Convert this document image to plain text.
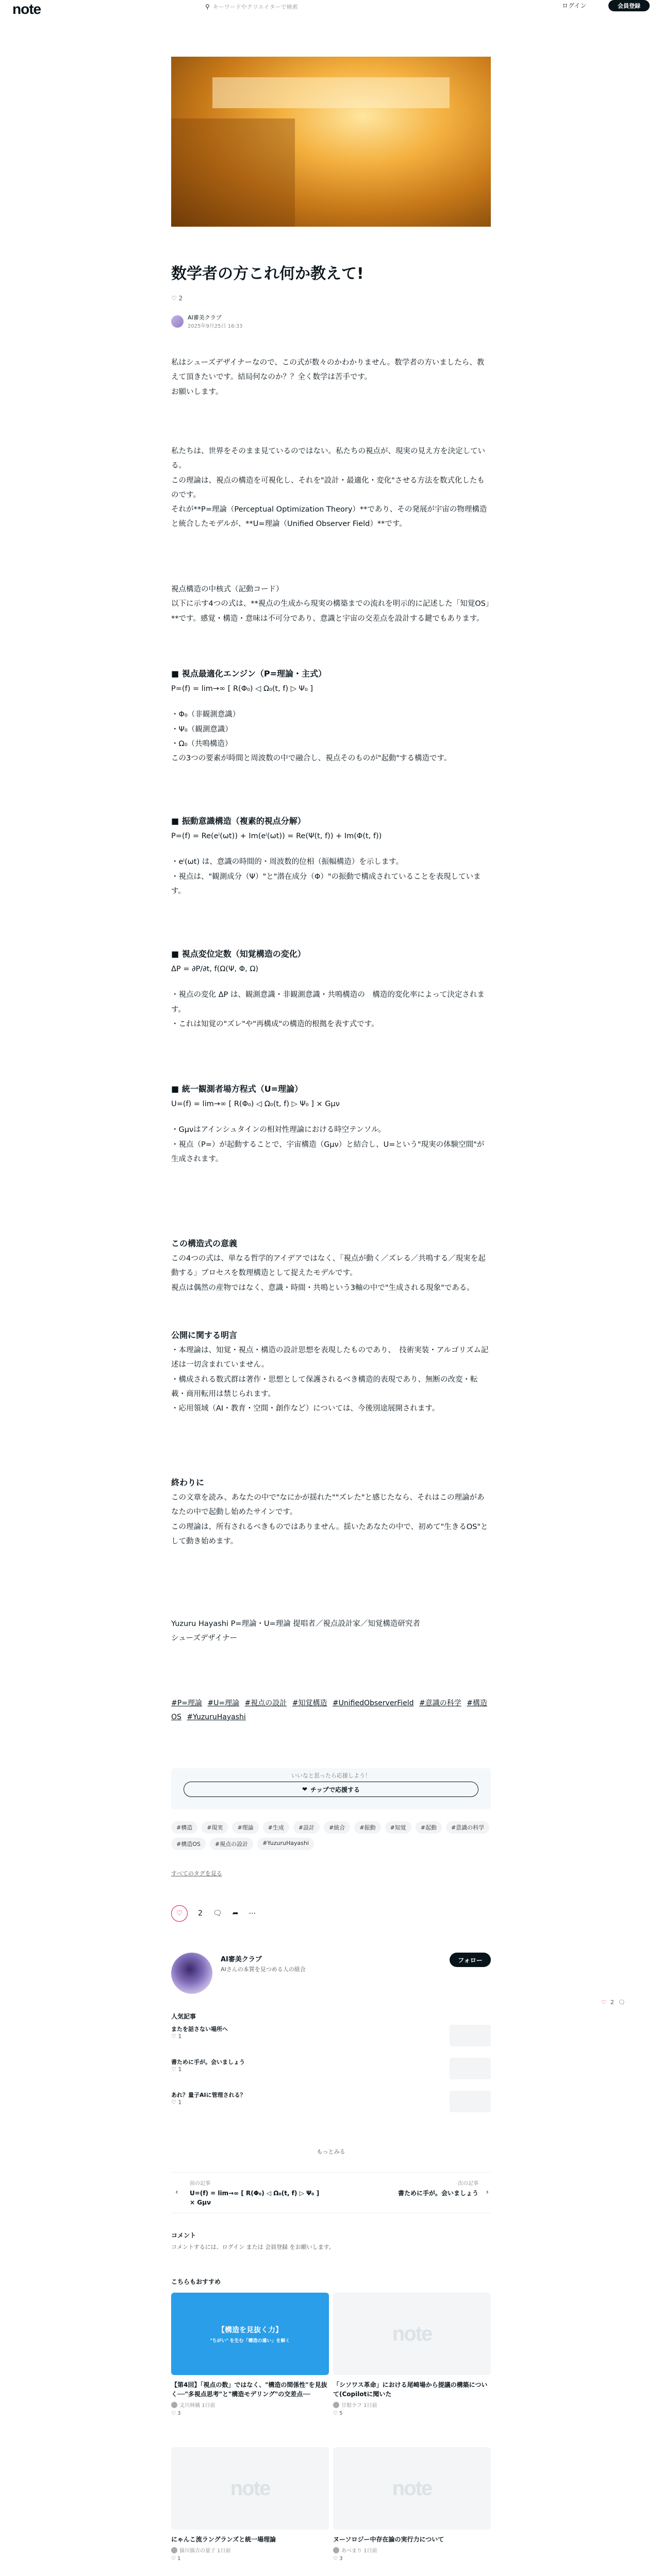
note	⚲ キーワードやクリエイターで検索	ログイン	会員登録
数学者の方これ何か教えて!
♡ 2
AI審美クラブ
2025年9月25日 16:33

私はシューズデザイナーなので、この式が数々のかわかりません。数学者の方いましたら、教えて頂きたいです。結局何なのか？？全く数学は苦手です。
お願いします。

私たちは、世界をそのまま見ているのではない。私たちの視点が、現実の見え方を決定している。
この理論は、視点の構造を可視化し、それを"設計・最適化・変化"させる方法を数式化したものです。
それが**P=理論（Perceptual Optimization Theory）**であり、その発展が宇宙の物理構造と統合したモデルが、**U=理論（Unified Observer Field）**です。

視点構造の中核式（記動コード）
以下に示す4つの式は、**視点の生成から現実の構築までの流れを明示的に記述した「知覚OS」**です。感覚・構造・意味は不可分であり、意識と宇宙の交差点を設計する鍵でもあります。

■ 視点最適化エンジン（P=理論・主式）

P=(f) = lim→∞ [ R(Φ₀) ◁ Ω₀(t, f) ▷ Ψ₀ ]

・Φ₀（非観測意識）
・Ψ₀（観測意識）
・Ω₀（共鳴構造）
この3つの要素が時間と周波数の中で融合し、視点そのものが"起動"する構造です。

■ 振動意識構造（複素的視点分解）

P=(f) = Re(eⁱ(ωt)) + Im(eⁱ(ωt)) = Re(Ψ(t, f)) + Im(Φ(t, f))

・eⁱ(ωt) は、意識の時間的・周波数的位相（振幅構造）を示します。
・視点は、"観測成分（Ψ）"と"潜在成分（Φ）"の振動で構成されていることを表現しています。

■ 視点変位定数（知覚構造の変化）

ΔP = ∂P/∂t, f(Ω(Ψ, Φ, Ω)

・視点の変化 ΔP は、観測意識・非観測意識・共鳴構造の　構造的変化率によって決定されます。
・これは知覚の"ズレ"や"再構成"の構造的根拠を表す式です。

■ 統一観測者場方程式（U=理論）

U=(f) = lim→∞ [ R(Φ₀) ◁ Ω₀(t, f) ▷ Ψ₀ ] × Gμν

・Gμνはアインシュタインの相対性理論における時空テンソル。
・視点（P=）が起動することで、宇宙構造（Gμν）と結合し、U=という"現実の体験空間"が生成されます。

この構造式の意義

この4つの式は、単なる哲学的アイデアではなく、「視点が動く／ズレる／共鳴する／現実を起動する」プロセスを数理構造として捉えたモデルです。
視点は偶然の産物ではなく、意識・時間・共鳴という3軸の中で"生成される現象"である。

公開に関する明言

・本理論は、知覚・視点・構造の設計思想を表現したものであり、　技術実装・アルゴリズム記述は一切含まれていません。
・構成される数式群は著作・思想として保護されるべき構造的表現であり、無断の改変・転載・商用転用は禁じられます。
・応用領域（AI・教育・空間・創作など）については、今後別途展開されます。

終わりに

この文章を読み、あなたの中で"なにかが揺れた""ズレた"と感じたなら、それはこの理論があなたの中で起動し始めたサインです。
この理論は、所有されるべきものではありません。揺いたあなたの中で、初めて"生きるOS"として動き始めます。

Yuzuru Hayashi P=理論・U=理論 提唱者／視点設計家／知覚構造研究者
シューズデザイナー

#P=理論 #U=理論 #視点の設計 #知覚構造 #UnifiedObserverField #意識の科学 #構造OS #YuzuruHayashi
いいなと思ったら応援しよう！
❤ チップで応援する
#構造	#現実	#理論	#生成	#設計	#統合	#振動	#知覚	#起動	#意識の科学
#構造OS	#視点の設計	#YuzuruHayashi
すべてのタグを見る
♡ 2 🗨 ➦ ⋯
♡ 2 🗨
AI審美クラブ
AIさんの本質を見つめる人の組合
フォロー
人気記事
またを話さない場所へ
♡ 1
書ために手が。会いましょう
♡ 1
あれ？量子AIに管理される？
♡ 1
もっとみる
‹
前の記事
U=(f) = lim→∞ [ R(Φ₀) ◁ Ω₀(t, f) ▷ Ψ₀ ] × Gμν
次の記事
書ために手が。会いましょう ›
コメント
コメントするには、ログイン または 会員登録 をお願いします。
こちらもおすすめ
【構造を見抜く力】
"ちがい" を生む「構造の違い」を解く
【第4回】「視点の数」ではなく、"構造の間係性"を見抜く──"多視点思考"と"構造モデリング"の交差点──
文川林檎 1日前
♡ 3
note
「シソワス革命」における尾崎場から提議の構築について(Copilotに聞いた
甘根ラフ 1日前
♡ 5
note
にゃんこ流ラングランズと統一場理論
猫川猫吉の量子 1日前
♡ 1
note
ヌーソロジー中存在論の実行力について
あべまり 1日前
♡ 3
